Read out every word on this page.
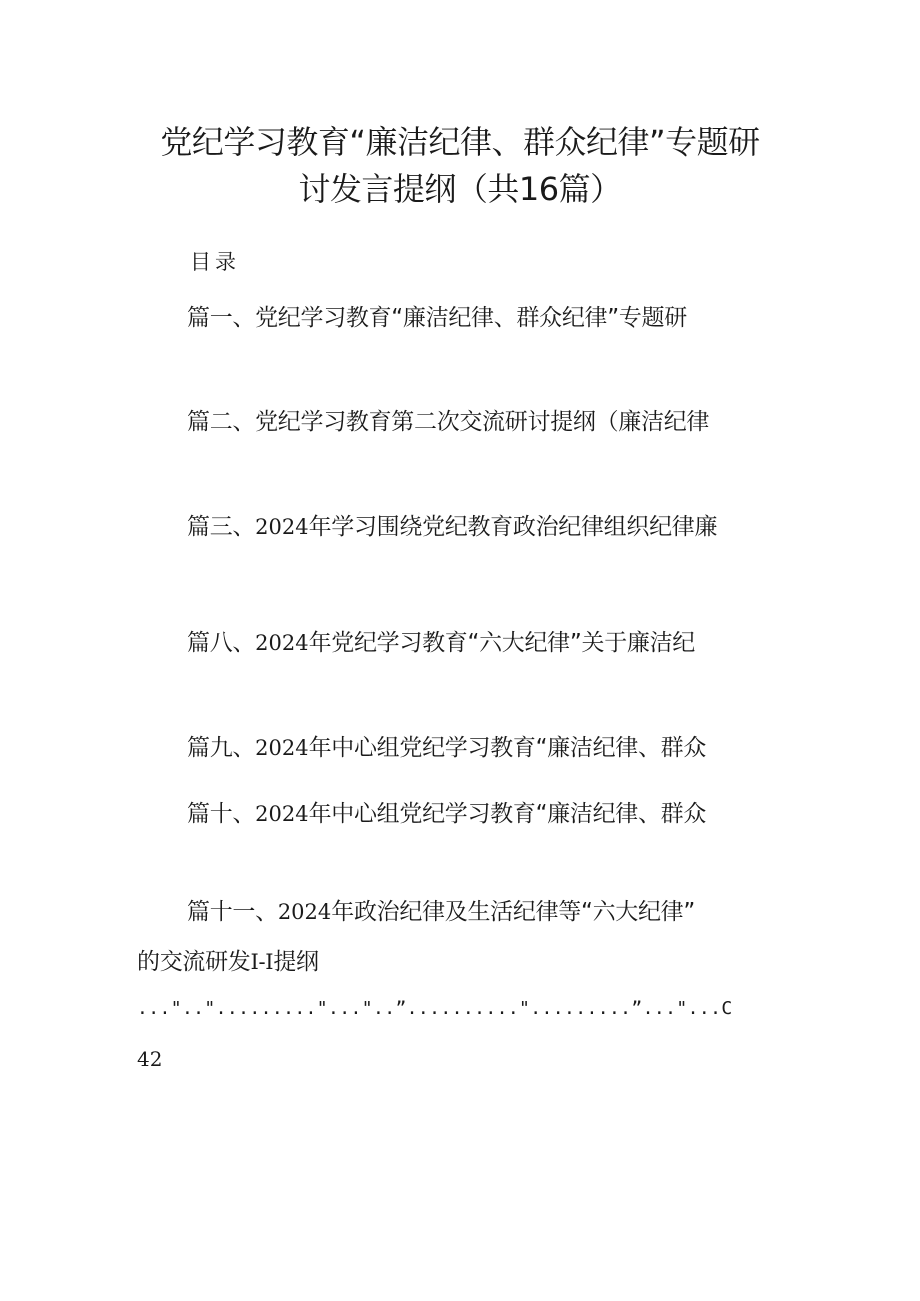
党纪学习教育“廉洁纪律、群众纪律”专题研
讨发言提纲（共16篇）
目录
篇一、党纪学习教育“廉洁纪律、群众纪律”专题研
篇二、党纪学习教育第二次交流研讨提纲（廉洁纪律
篇三、2024年学习围绕党纪教育政治纪律组织纪律廉
篇八、2024年党纪学习教育“六大纪律”关于廉洁纪
篇九、2024年中心组党纪学习教育“廉洁纪律、群众
篇十、2024年中心组党纪学习教育“廉洁纪律、群众
篇十一、2024年政治纪律及生活纪律等“六大纪律”
的交流研发I-I提纲
...".."........."..."..”..........".........”..."...C
42
